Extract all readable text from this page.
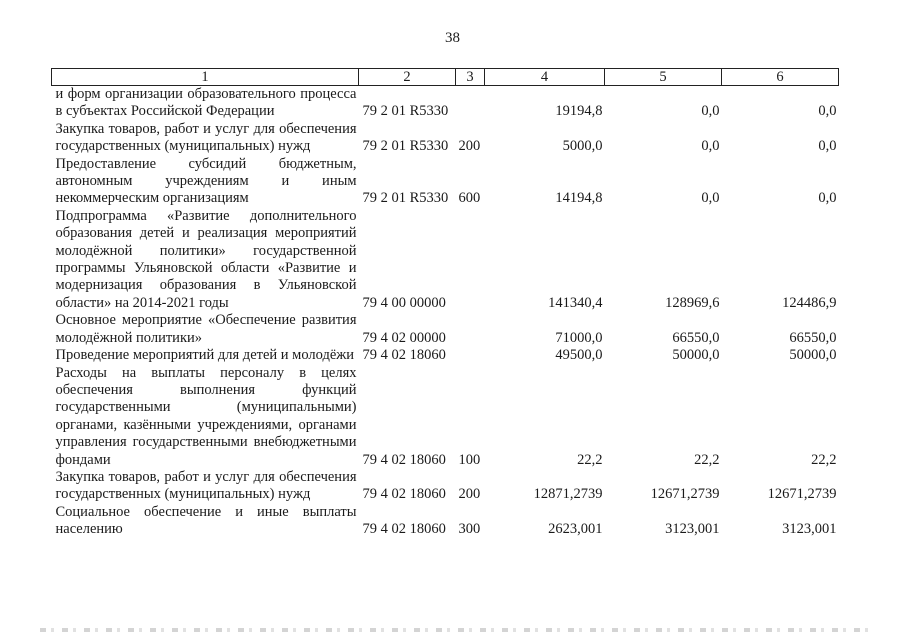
38
1	2	3	4	5	6
и форм организации образовательного процесса в субъектах Российской Федерации	79 2 01 R5330		19194,8	0,0	0,0
Закупка товаров, работ и услуг для обеспечения государственных (муниципальных) нужд	79 2 01 R5330	200	5000,0	0,0	0,0
Предоставление субсидий бюджетным, автономным учреждениям и иным некоммерческим организациям	79 2 01 R5330	600	14194,8	0,0	0,0
Подпрограмма «Развитие дополнительного образования детей и реализация мероприятий молодёжной политики» государственной программы Ульяновской области «Развитие и модернизация образования в Ульяновской области» на 2014-2021 годы	79 4 00 00000		141340,4	128969,6	124486,9
Основное мероприятие «Обеспечение развития молодёжной политики»	79 4 02 00000		71000,0	66550,0	66550,0
Проведение мероприятий для детей и молодёжи	79 4 02 18060		49500,0	50000,0	50000,0
Расходы на выплаты персоналу в целях обеспечения выполнения функций государственными (муниципальными) органами, казёнными учреждениями, органами управления государственными внебюджетными фондами	79 4 02 18060	100	22,2	22,2	22,2
Закупка товаров, работ и услуг для обеспечения государственных (муниципальных) нужд	79 4 02 18060	200	12871,2739	12671,2739	12671,2739
Социальное обеспечение и иные выплаты населению	79 4 02 18060	300	2623,001	3123,001	3123,001
